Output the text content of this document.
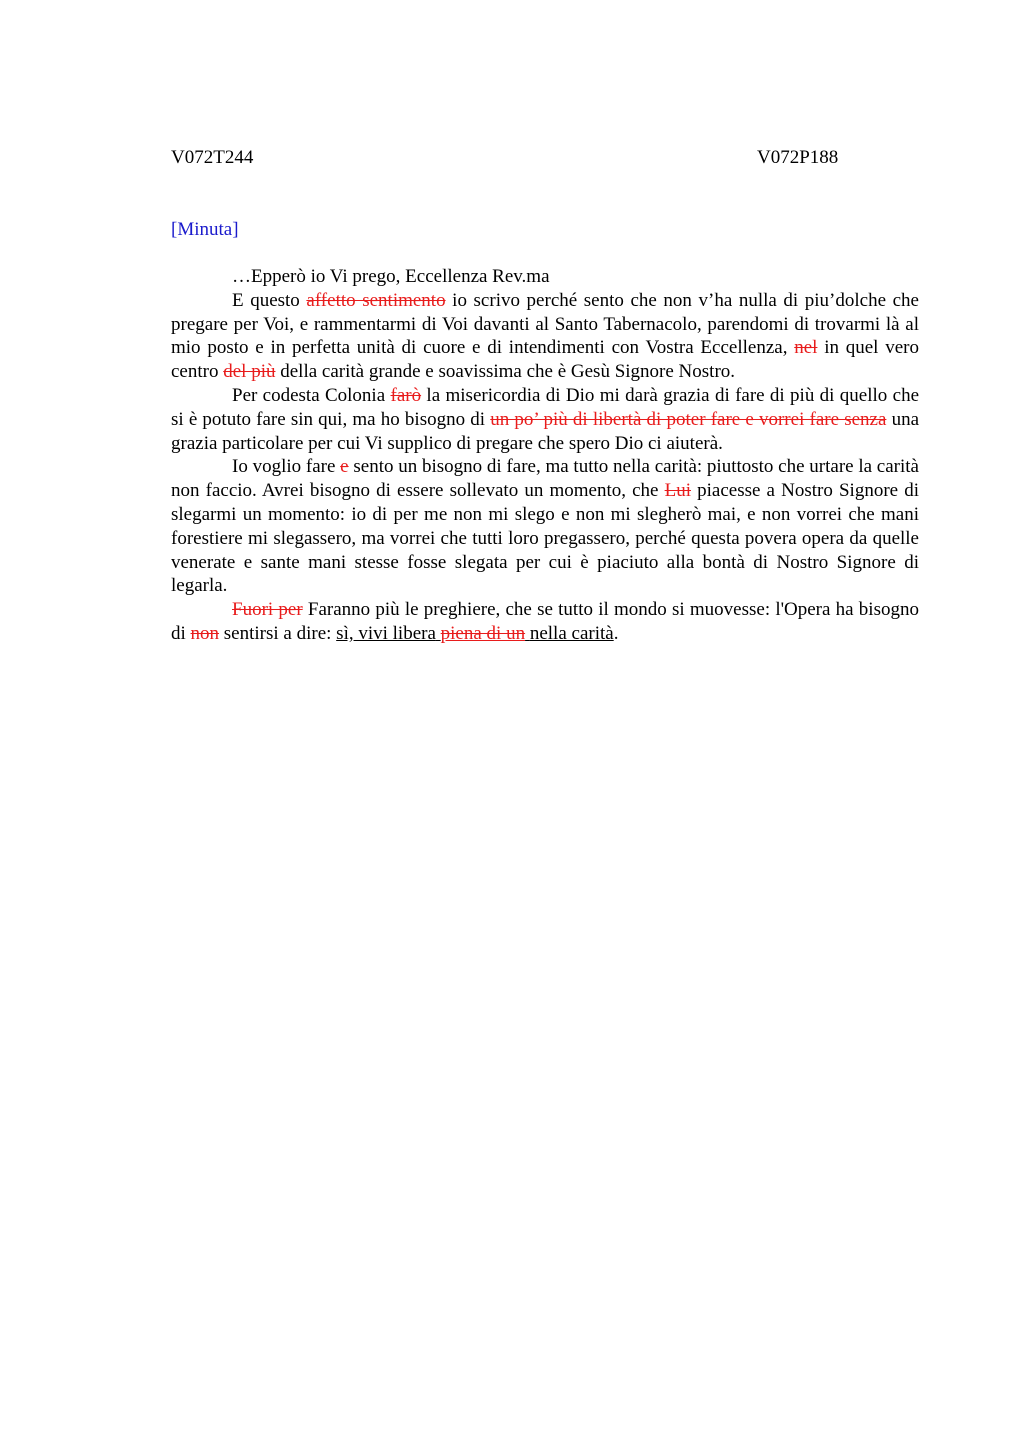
V072T244	V072P188
[Minuta]

…Epperò io Vi prego, Eccellenza Rev.ma

E questo affetto sentimento io scrivo perché sento che non v’ha nulla di piu’dolche che pregare per Voi, e rammentarmi di Voi davanti al Santo Tabernacolo, parendomi di trovarmi là al mio posto e in perfetta unità di cuore e di intendimenti con Vostra Eccellenza, nel in quel vero centro del più della carità grande e soavissima che è Gesù Signore Nostro.

Per codesta Colonia farò la misericordia di Dio mi darà grazia di fare di più di quello che si è potuto fare sin qui, ma ho bisogno di un po’ più di libertà di poter fare e vorrei fare senza una grazia particolare per cui Vi supplico di pregare che spero Dio ci aiuterà.

Io voglio fare e sento un bisogno di fare, ma tutto nella carità: piuttosto che urtare la carità non faccio. Avrei bisogno di essere sollevato un momento, che Lui piacesse a Nostro Signore di slegarmi un momento: io di per me non mi slego e non mi slegherò mai, e non vorrei che mani forestiere mi slegassero, ma vorrei che tutti loro pregassero, perché questa povera opera da quelle venerate e sante mani stesse fosse slegata per cui è piaciuto alla bontà di Nostro Signore di legarla.

Fuori per Faranno più le preghiere, che se tutto il mondo si muovesse: l'Opera ha bisogno di non sentirsi a dire: sì, vivi libera piena di un nella carità.
